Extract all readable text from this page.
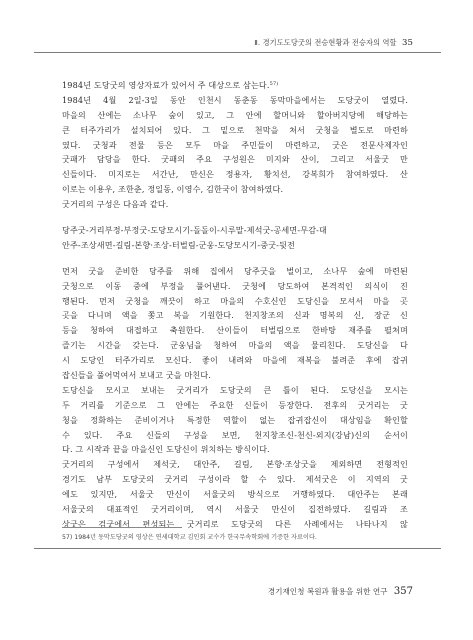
Ⅱ. 경기도도당굿의 전승현황과 전승자의 역할 35
1984년 도당굿의 영상자료가 있어서 주 대상으로 삼는다.$^{57)}$
1984년 4월 2일-3일 동안 인천시 동춘동 동막마을에서는 도당굿이 열렸다.
마을의 산에는 소나무 숲이 있고, 그 안에 할머니와 할아버지당에 해당하는
큰 터주가리가 설치되어 있다. 그 밑으로 천막을 쳐서 굿청을 별도로 마련하
였다. 굿청과 전물 등은 모두 마을 주민들이 마련하고, 굿은 전문사제자인
굿패가 담당을 한다. 굿패의 주요 구성원은 미지와 산이, 그리고 서울굿 만
신들이다. 미지로는 서간난, 만신은 정용자, 황치선, 강복희가 참여하였다. 산
이로는 이용우, 조한춘, 정일동, 이영수, 김한국이 참여하였다.
굿거리의 구성은 다음과 같다.
당주굿-거리부정-부정굿-도당모시기-돌돌이-시루말-제석굿-공세면-무감-대
안주-조상새면-길림-본향·조상-터벌림-군웅-도당모시기-중굿-뒷전
먼저 굿을 준비한 당주를 위해 집에서 당주굿을 벌이고, 소나무 숲에 마련된
굿청으로 이동 중에 부정을 풀어낸다. 굿청에 당도하여 본격적인 의식이 진
행된다. 먼저 굿청을 깨끗이 하고 마을의 수호신인 도당신을 모셔서 마을 곳
곳을 다니며 액을 쫓고 복을 기원한다. 천지창조의 신과 명복의 신, 장군 신
등을 청하여 대접하고 축원한다. 산이들이 터벌림으로 한바탕 재주를 펼쳐며
즐기는 시간을 갖는다. 군웅님을 청하여 마을의 액을 물리친다. 도당신을 다
시 도당인 터주가리로 모신다. 좋이 내려와 마을에 재복을 불려준 후에 잡귀
잡신들을 풀어먹여서 보내고 굿을 마친다.
도당신을 모시고 보내는 굿거리가 도당굿의 큰 틀이 된다. 도당신을 모시는
두 거리를 기준으로 그 안에는 주요한 신들이 등장한다. 전후의 굿거리는 굿
청을 정화하는 준비이거나 특정한 역할이 없는 잡귀잡신이 대상임을 확인할
수 있다. 주요 신들의 구성을 보면, 천지창조신-천신-외지(강남)신의 순서이
다. 그 시작과 끝을 마을신인 도당신이 위치하는 방식이다.
굿거리의 구성에서 제석굿, 대안주, 길림, 본향·조상굿을 제외하면 전형적인
경기도 남부 도당굿의 굿거리 구성이라 할 수 있다. 제석굿은 이 지역의 굿
에도 있지만, 서울굿 만신이 서울굿의 방식으로 거행하였다. 대안주는 본래
서울굿의 대표적인 굿거리이며, 역시 서울굿 만신이 집전하였다. 길림과 조
상굿은 검굿에서 편성되는 굿거리로 도당굿의 다른 사례에서는 나타나지 않
57) 1984년 동막도당굿의 영상은 연세대학교 김인회 교수가 한국무속학회에 기증한 자료이다.
경기재인청 복원과 활용을 위한 연구 357
